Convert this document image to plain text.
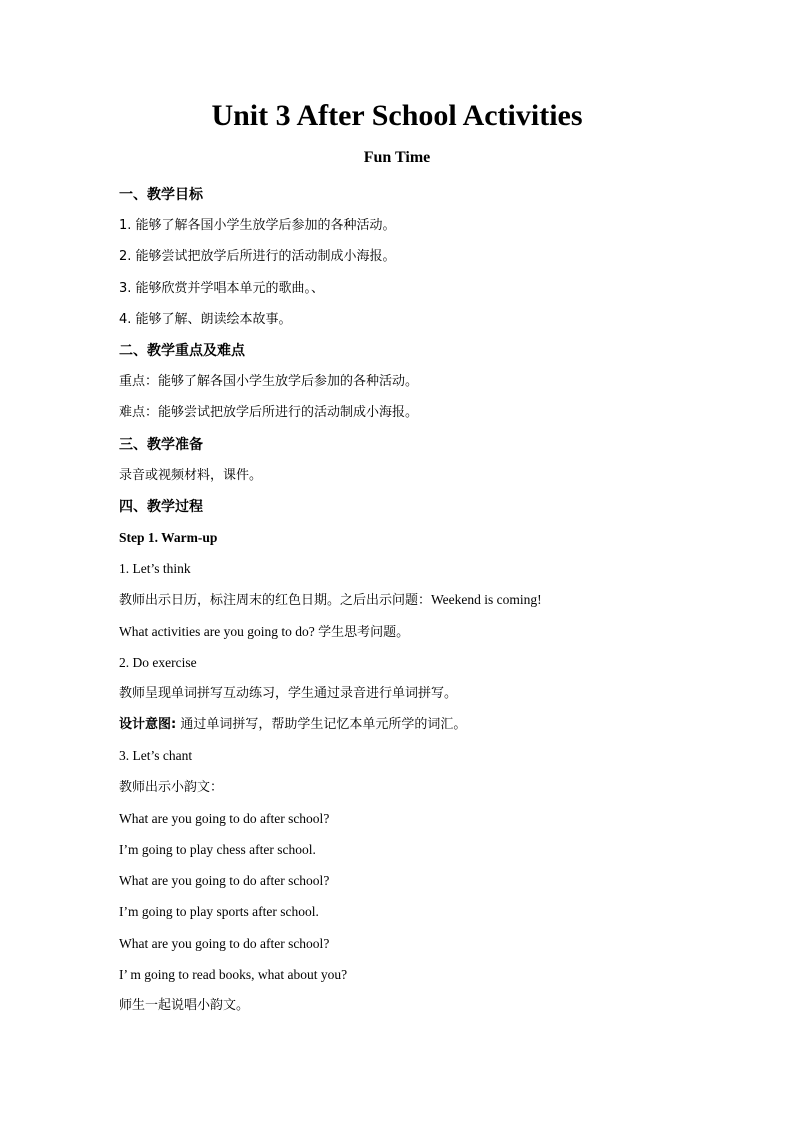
Unit 3 After School Activities
Fun Time
一、教学目标
1. 能够了解各国小学生放学后参加的各种活动。
2. 能够尝试把放学后所进行的活动制成小海报。
3. 能够欣赏并学唱本单元的歌曲。、
4. 能够了解、朗读绘本故事。
二、教学重点及难点
重点：能够了解各国小学生放学后参加的各种活动。
难点：能够尝试把放学后所进行的活动制成小海报。
三、教学准备
录音或视频材料，课件。
四、教学过程
Step 1. Warm-up
1. Let’s think
教师出示日历，标注周末的红色日期。之后出示问题：Weekend is coming!
What activities are you going to do? 学生思考问题。
2. Do exercise
教师呈现单词拼写互动练习，学生通过录音进行单词拼写。
设计意图: 通过单词拼写，帮助学生记忆本单元所学的词汇。
3. Let’s chant
教师出示小韵文：
What are you going to do after school?
I’m going to play chess after school.
What are you going to do after school?
I’m going to play sports after school.
What are you going to do after school?
I’ m going to read books, what about you?
师生一起说唱小韵文。
